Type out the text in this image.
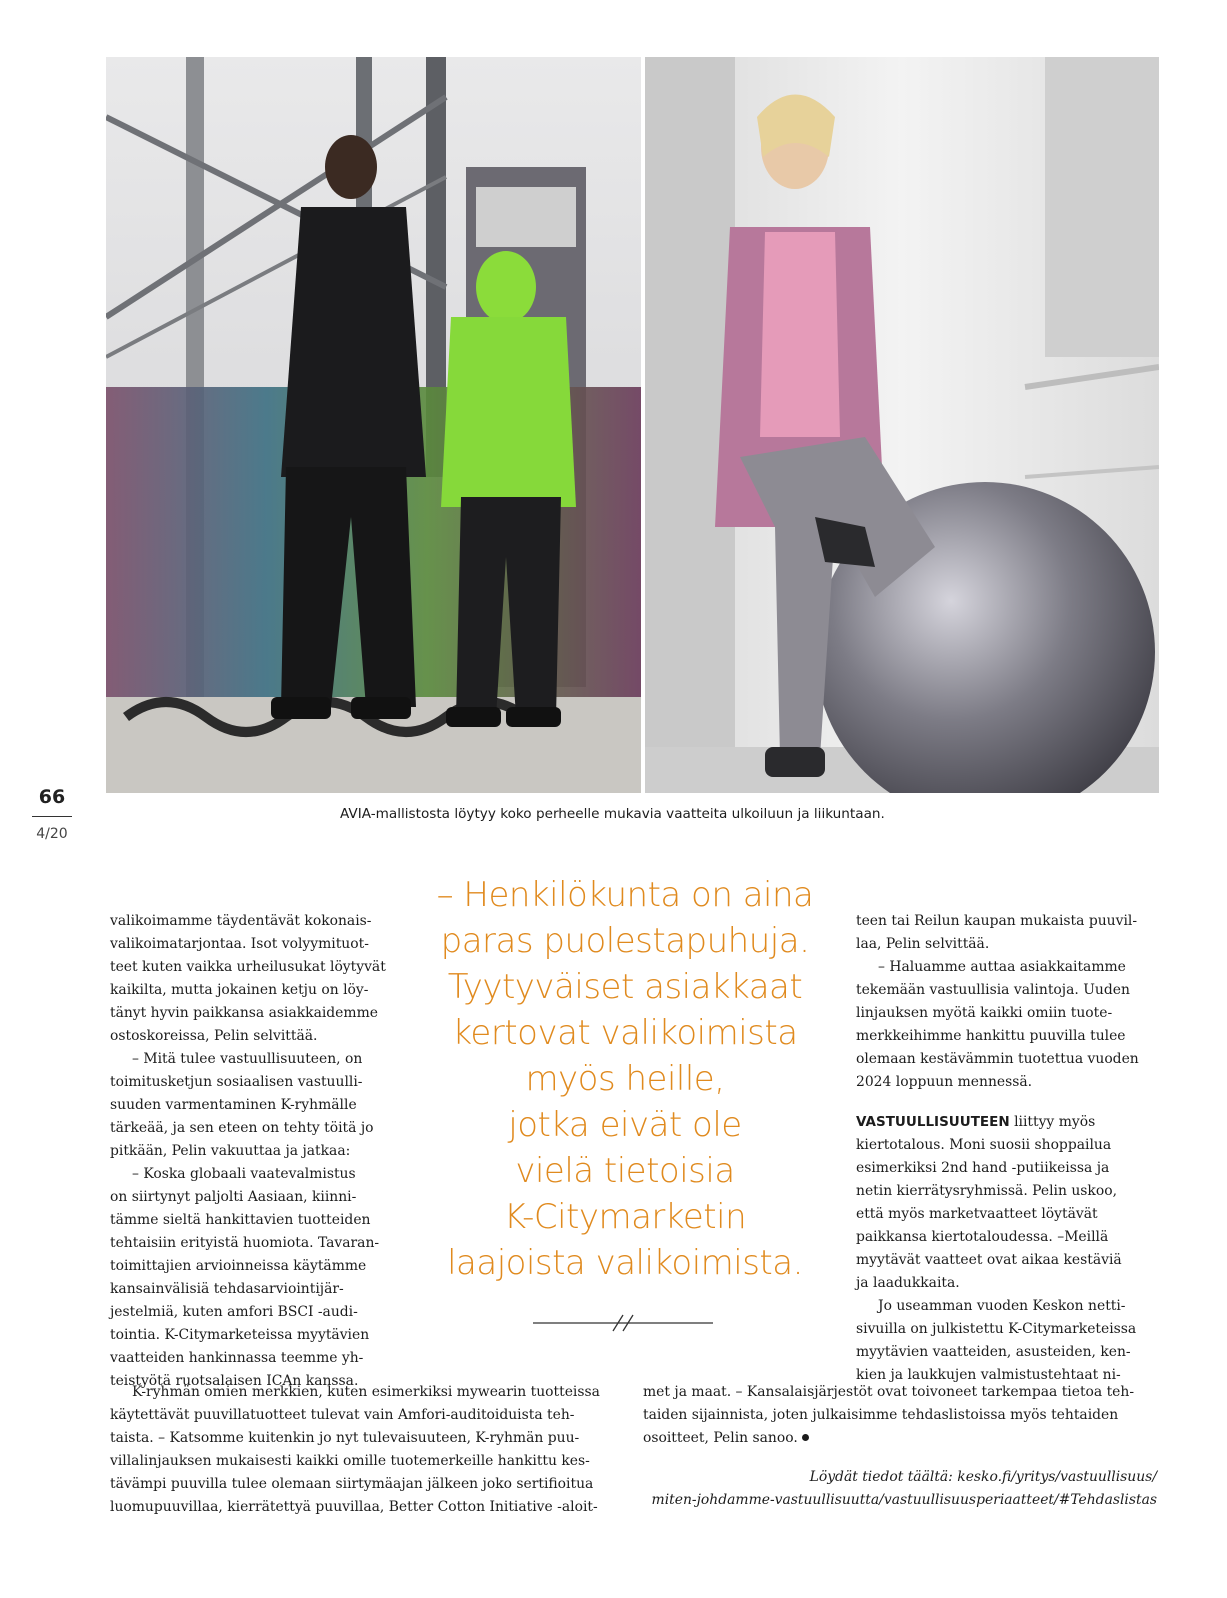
66
4/20
AVIA-mallistosta löytyy koko perheelle mukavia vaatteita ulkoiluun ja liikuntaan.
– Henkilökunta on aina
paras puolestapuhuja.
Tyytyväiset asiakkaat
kertovat valikoimista
myös heille,
jotka eivät ole
vielä tietoisia
K-Citymarketin
laajoista valikoimista.

valikoimamme täydentävät kokonais-

valikoimatarjontaa. Isot volyymituot-

teet kuten vaikka urheilusukat löytyvät

kaikilta, mutta jokainen ketju on löy-

tänyt hyvin paikkansa asiakkaidemme

ostoskoreissa, Pelin selvittää.

– Mitä tulee vastuullisuuteen, on

toimitusketjun sosiaalisen vastuulli-

suuden varmentaminen K-ryhmälle

tärkeää, ja sen eteen on tehty töitä jo

pitkään, Pelin vakuuttaa ja jatkaa:

– Koska globaali vaatevalmistus

on siirtynyt paljolti Aasiaan, kiinni-

tämme sieltä hankittavien tuotteiden

tehtaisiin erityistä huomiota. Tavaran-

toimittajien arvioinneissa käytämme

kansainvälisiä tehdasarviointijär-

jestelmiä, kuten amfori BSCI -audi-

tointia. K-Citymarketeissa myytävien

vaatteiden hankinnassa teemme yh-

teistyötä ruotsalaisen ICAn kanssa.

K-ryhmän omien merkkien, kuten esimerkiksi mywearin tuotteissa

käytettävät puuvillatuotteet tulevat vain Amfori-auditoiduista teh-

taista. – Katsomme kuitenkin jo nyt tulevaisuuteen, K-ryhmän puu-

villalinjauksen mukaisesti kaikki omille tuotemerkeille hankittu kes-

tävämpi puuvilla tulee olemaan siirtymäajan jälkeen joko sertifioitua

luomupuuvillaa, kierrätettyä puuvillaa, Better Cotton Initiative -aloit-

teen tai Reilun kaupan mukaista puuvil-

laa, Pelin selvittää.

– Haluamme auttaa asiakkaitamme

tekemään vastuullisia valintoja. Uuden

linjauksen myötä kaikki omiin tuote-

merkkeihimme hankittu puuvilla tulee

olemaan kestävämmin tuotettua vuoden

2024 loppuun mennessä.

VASTUULLISUUTEEN liittyy myös

kiertotalous. Moni suosii shoppailua

esimerkiksi 2nd hand -putiikeissa ja

netin kierrätysryhmissä. Pelin uskoo,

että myös marketvaatteet löytävät

paikkansa kiertotaloudessa. –Meillä

myytävät vaatteet ovat aikaa kestäviä

ja laadukkaita.

Jo useamman vuoden Keskon netti-

sivuilla on julkistettu K-Citymarketeissa

myytävien vaatteiden, asusteiden, ken-

kien ja laukkujen valmistustehtaat ni-

met ja maat. – Kansalaisjärjestöt ovat toivoneet tarkempaa tietoa teh-

taiden sijainnista, joten julkaisimme tehdaslistoissa myös tehtaiden

osoitteet, Pelin sanoo.

Löydät tiedot täältä: kesko.fi/yritys/vastuullisuus/
miten-johdamme-vastuullisuutta/vastuullisuusperiaatteet/#Tehdaslistas
